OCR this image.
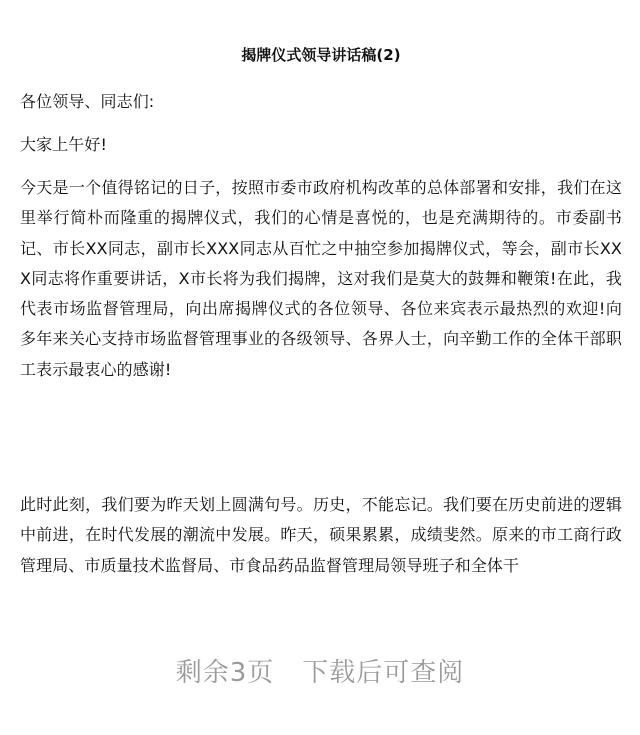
揭牌仪式领导讲话稿(2)

各位领导、同志们:

大家上午好!

今天是一个值得铭记的日子，按照市委市政府机构改革的总体部署和安排，我们在这里举行简朴而隆重的揭牌仪式，我们的心情是喜悦的，也是充满期待的。市委副书记、市长XX同志，副市长XXX同志从百忙之中抽空参加揭牌仪式，等会，副市长XXX同志将作重要讲话，X市长将为我们揭牌，这对我们是莫大的鼓舞和鞭策!在此，我代表市场监督管理局，向出席揭牌仪式的各位领导、各位来宾表示最热烈的欢迎!向多年来关心支持市场监督管理事业的各级领导、各界人士，向辛勤工作的全体干部职工表示最衷心的感谢!

此时此刻，我们要为昨天划上圆满句号。历史，不能忘记。我们要在历史前进的逻辑中前进，在时代发展的潮流中发展。昨天，硕果累累，成绩斐然。原来的市工商行政管理局、市质量技术监督局、市食品药品监督管理局领导班子和全体干

剩余3页 下载后可查阅
